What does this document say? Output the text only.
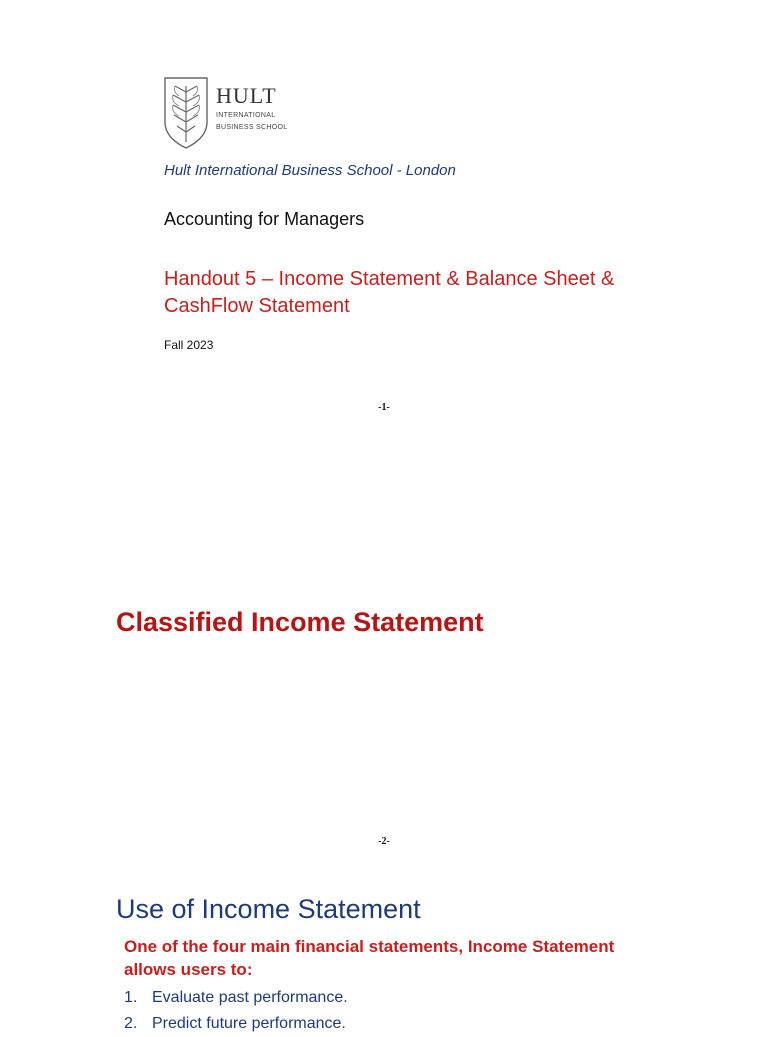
HULT
INTERNATIONAL
BUSINESS SCHOOL
Hult International Business School - London
Accounting for Managers
Handout 5 – Income Statement & Balance Sheet &
CashFlow Statement
Fall 2023
-1-
Classified Income Statement
-2-
Use of Income Statement
One of the four main financial statements, Income Statement
allows users to:
1. Evaluate past performance.
2. Predict future performance.
